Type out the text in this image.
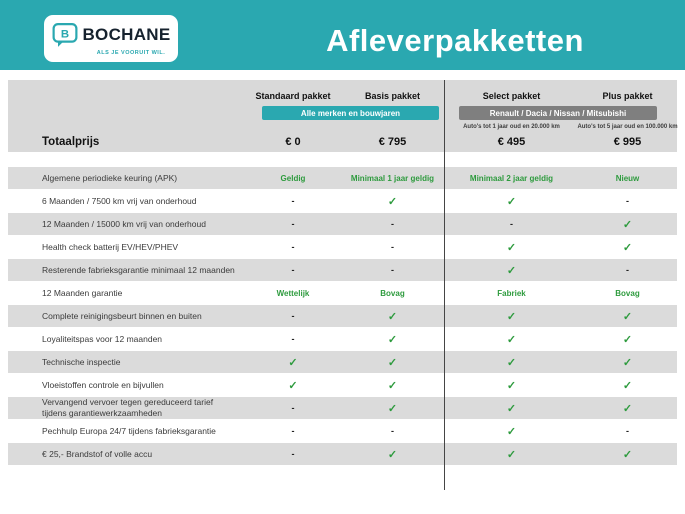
B BOCHANE
ALS JE VOORUIT WIL.	Afleverpakketten
Standaard pakket	Basis pakket	Select pakket	Plus pakket
Alle merken en bouwjaren	Renault / Dacia / Nissan / Mitsubishi
Auto's tot 1 jaar oud en 20.000 km	Auto's tot 5 jaar oud en 100.000 km
Totaalprijs	€ 0	€ 795	€ 495	€ 995
Algemene periodieke keuring (APK)	Geldig	Minimaal 1 jaar geldig	Minimaal 2 jaar geldig	Nieuw
6 Maanden / 7500 km vrij van onderhoud	-	✓	✓	-
12 Maanden / 15000 km vrij van onderhoud	-	-	-	✓
Health check batterij EV/HEV/PHEV	-	-	✓	✓
Resterende fabrieksgarantie minimaal 12 maanden	-	-	✓	-
12 Maanden garantie	Wettelijk	Bovag	Fabriek	Bovag
Complete reinigingsbeurt binnen en buiten	-	✓	✓	✓
Loyaliteitspas voor 12 maanden	-	✓	✓	✓
Technische inspectie	✓	✓	✓	✓
Vloeistoffen controle en bijvullen	✓	✓	✓	✓
Vervangend vervoer tegen gereduceerd tarief tijdens garantiewerkzaamheden	-	✓	✓	✓
Pechhulp Europa 24/7 tijdens fabrieksgarantie	-	-	✓	-
€ 25,- Brandstof of volle accu	-	✓	✓	✓
